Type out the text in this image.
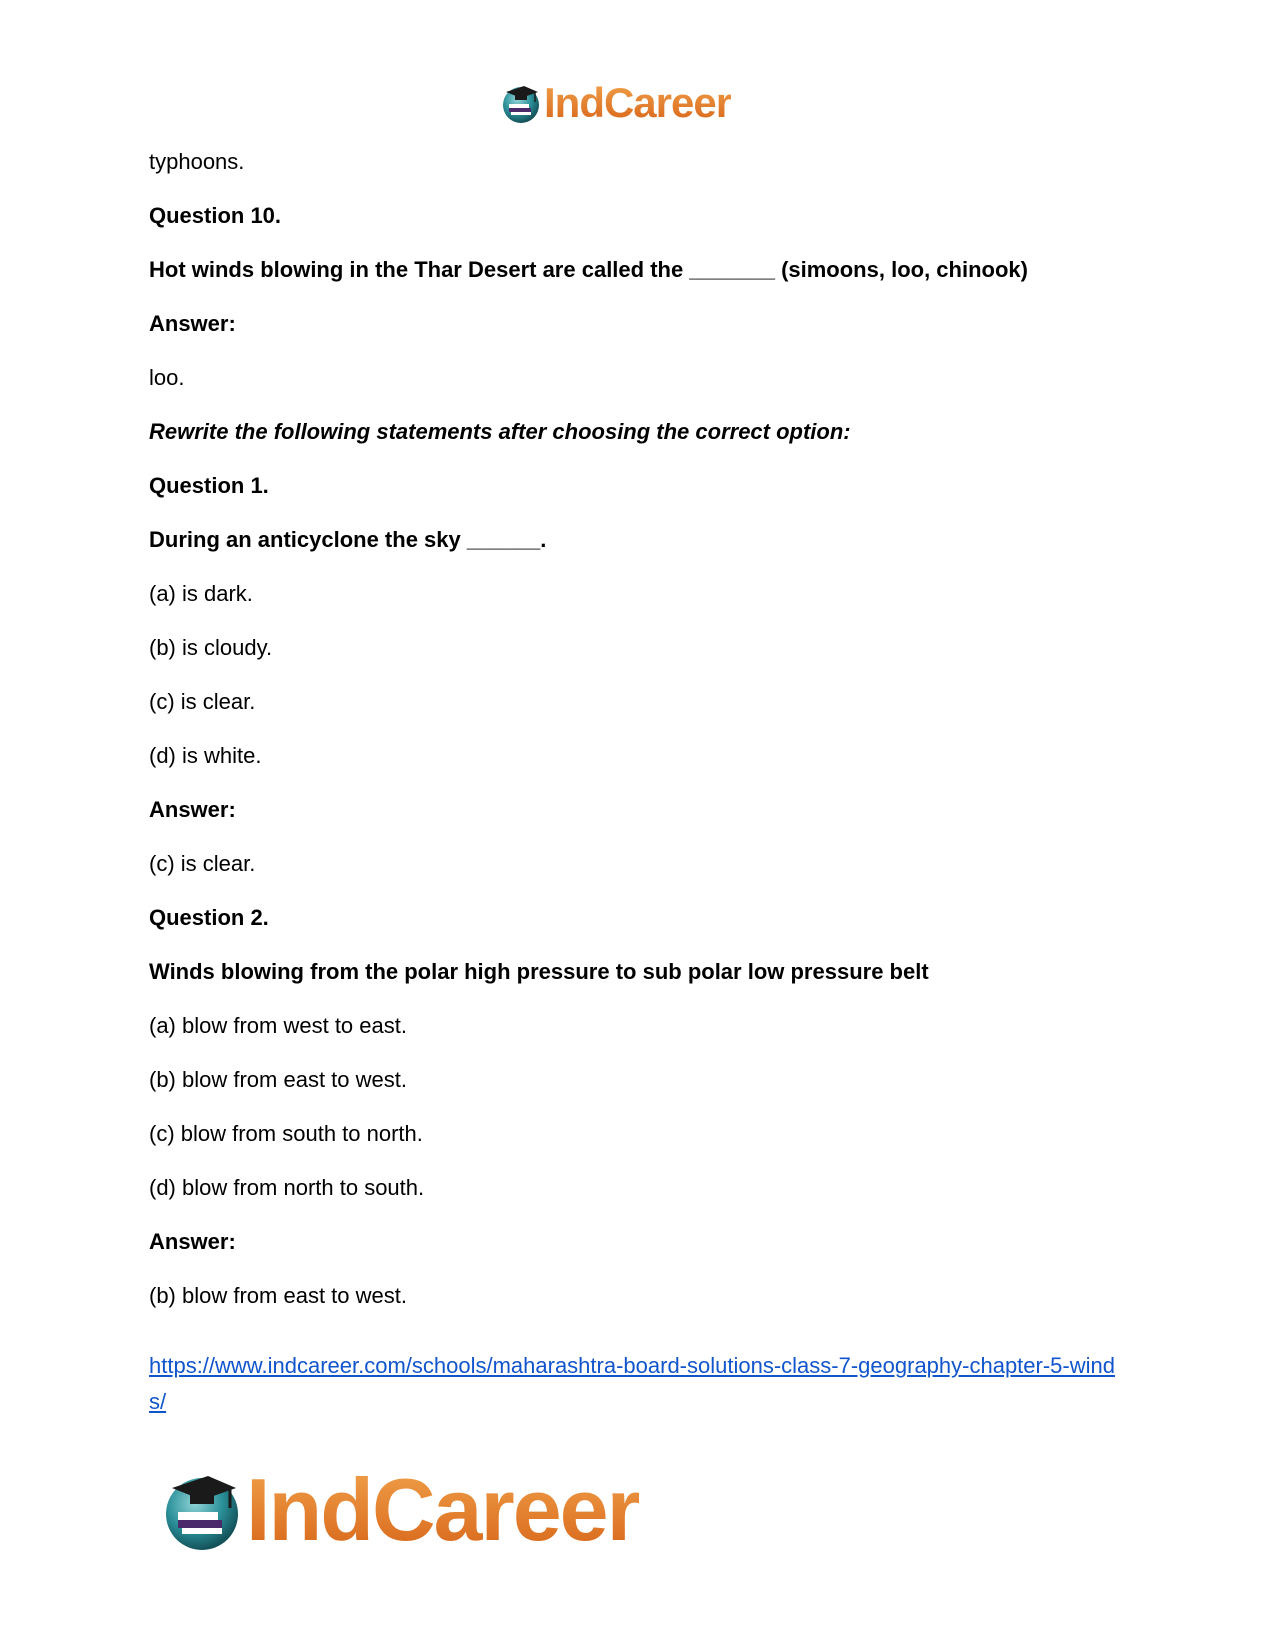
IndCareer
typhoons.
Question 10.
Hot winds blowing in the Thar Desert are called the _______ (simoons, loo, chinook)
Answer:
loo.
Rewrite the following statements after choosing the correct option:
Question 1.
During an anticyclone the sky ______.
(a) is dark.
(b) is cloudy.
(c) is clear.
(d) is white.
Answer:
(c) is clear.
Question 2.
Winds blowing from the polar high pressure to sub polar low pressure belt
(a) blow from west to east.
(b) blow from east to west.
(c) blow from south to north.
(d) blow from north to south.
Answer:
(b) blow from east to west.
https://www.indcareer.com/schools/maharashtra-board-solutions-class-7-geography-chapter-5-winds/
IndCareer
